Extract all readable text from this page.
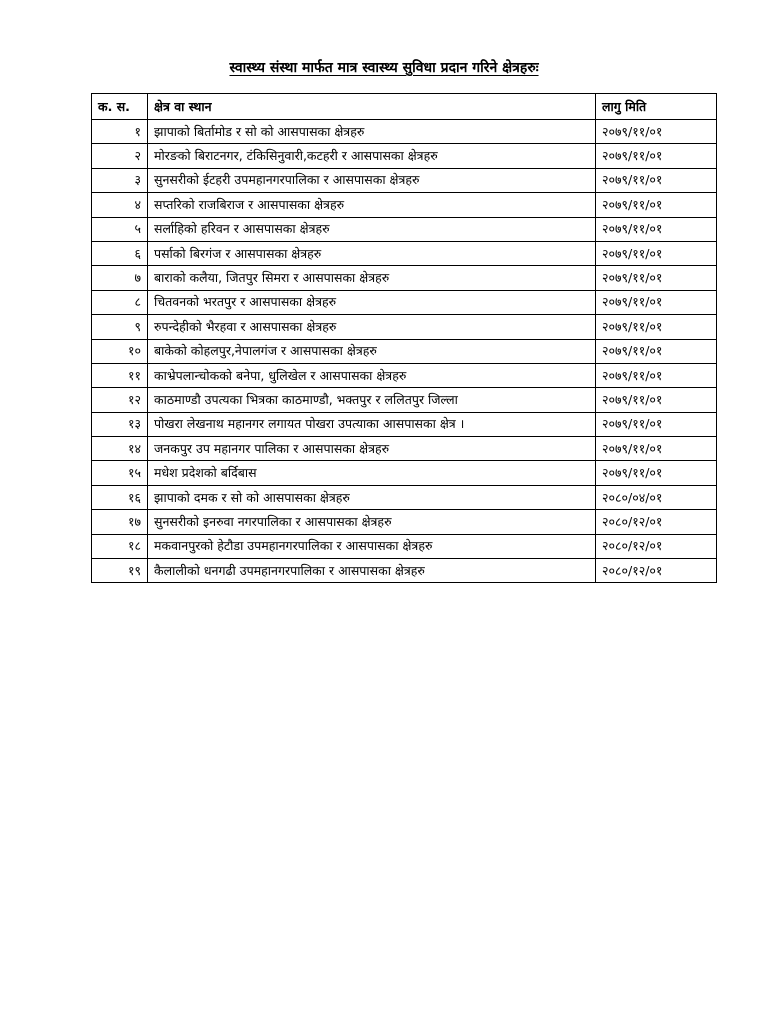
स्वास्थ्य संस्था मार्फत मात्र स्वास्थ्य सुविधा प्रदान गरिने क्षेत्रहरुः
क. स.	क्षेत्र वा स्थान	लागु मिति
१	झापाको बिर्तामोड र सो को आसपासका क्षेत्रहरु	२०७९/११/०१
२	मोरङको बिराटनगर, टंकिसिनुवारी,कटहरी र आसपासका क्षेत्रहरु	२०७९/११/०१
३	सुनसरीको ईटहरी उपमहानगरपालिका र आसपासका क्षेत्रहरु	२०७९/११/०१
४	सप्तरिको राजबिराज र आसपासका क्षेत्रहरु	२०७९/११/०१
५	सर्लाहिको हरिवन र आसपासका क्षेत्रहरु	२०७९/११/०१
६	पर्साको बिरगंज र आसपासका क्षेत्रहरु	२०७९/११/०१
७	बाराको कलैया, जितपुर सिमरा र आसपासका क्षेत्रहरु	२०७९/११/०१
८	चितवनको भरतपुर र आसपासका क्षेत्रहरु	२०७९/११/०१
९	रुपन्देहीको भैरहवा र आसपासका क्षेत्रहरु	२०७९/११/०१
१०	बाकेको कोहलपुर,नेपालगंज र आसपासका क्षेत्रहरु	२०७९/११/०१
११	काभ्रेपलान्चोकको बनेपा, धुलिखेल र आसपासका क्षेत्रहरु	२०७९/११/०१
१२	काठमाण्डौ उपत्यका भित्रका काठमाण्डौ, भक्तपुर र ललितपुर जिल्ला	२०७९/११/०१
१३	पोखरा लेखनाथ महानगर लगायत पोखरा उपत्याका आसपासका क्षेत्र ।	२०७९/११/०१
१४	जनकपुर उप महानगर पालिका र आसपासका क्षेत्रहरु	२०७९/११/०१
१५	मधेश प्रदेशको बर्दिबास	२०७९/११/०१
१६	झापाको दमक र सो को आसपासका क्षेत्रहरु	२०८०/०४/०१
१७	सुनसरीको इनरुवा नगरपालिका र आसपासका क्षेत्रहरु	२०८०/१२/०१
१८	मकवानपुरको हेटौडा उपमहानगरपालिका र आसपासका क्षेत्रहरु	२०८०/१२/०१
१९	कैलालीको धनगढी उपमहानगरपालिका र आसपासका क्षेत्रहरु	२०८०/१२/०१
